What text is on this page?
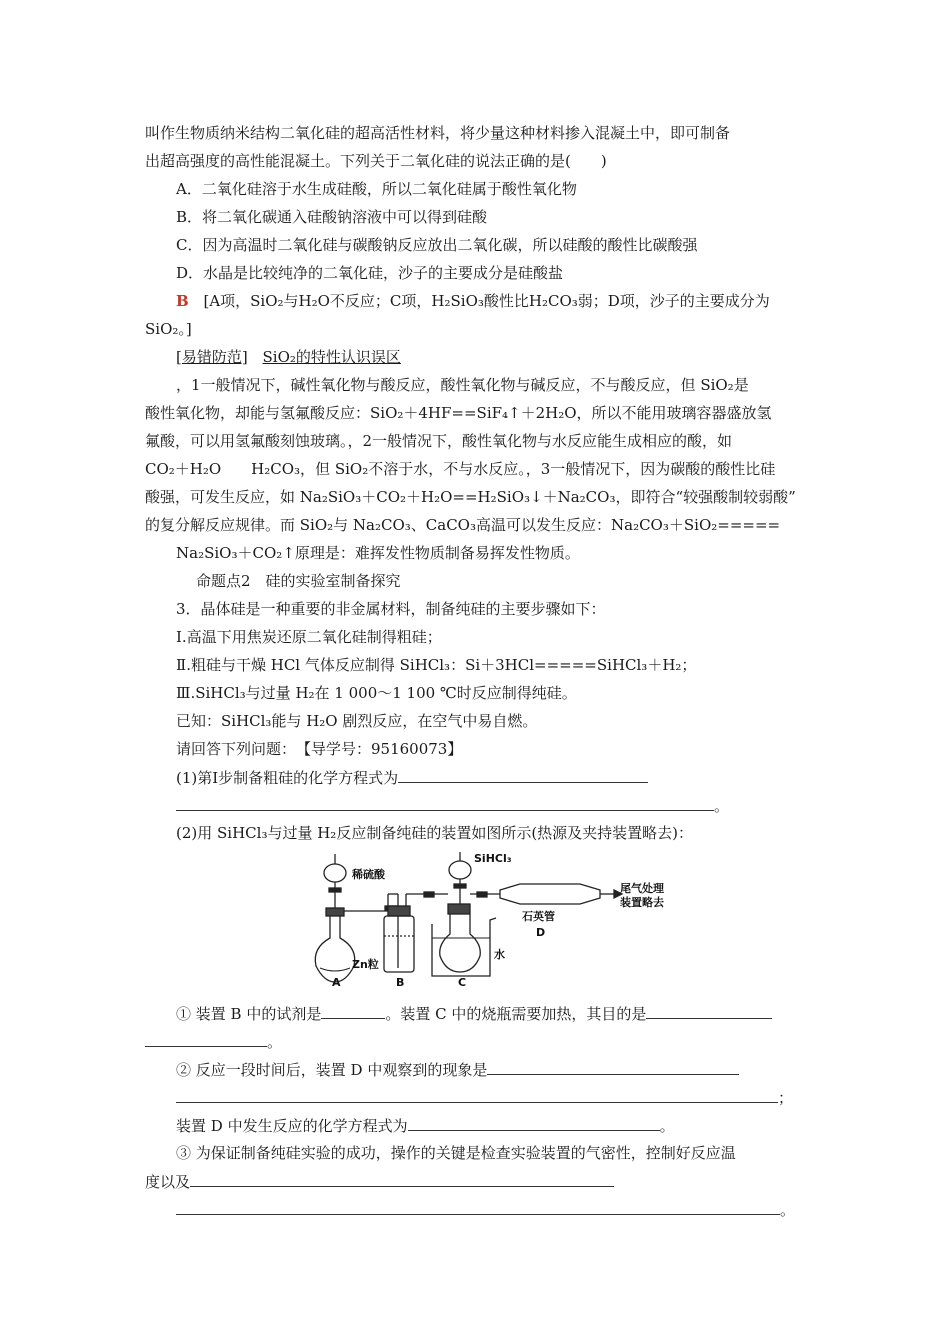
叫作生物质纳米结构二氧化硅的超高活性材料，将少量这种材料掺入混凝土中，即可制备
出超高强度的高性能混凝土。下列关于二氧化硅的说法正确的是(　　)
A．二氧化硅溶于水生成硅酸，所以二氧化硅属于酸性氧化物
B．将二氧化碳通入硅酸钠溶液中可以得到硅酸
C．因为高温时二氧化硅与碳酸钠反应放出二氧化碳，所以硅酸的酸性比碳酸强
D．水晶是比较纯净的二氧化硅，沙子的主要成分是硅酸盐
B [A项，SiO₂与H₂O不反应；C项，H₂SiO₃酸性比H₂CO₃弱；D项，沙子的主要成分为
SiO₂。]
[易错防范] SiO₂的特性认识误区
，1一般情况下，碱性氧化物与酸反应，酸性氧化物与碱反应，不与酸反应，但 SiO₂是
酸性氧化物，却能与氢氟酸反应：SiO₂＋4HF==SiF₄↑＋2H₂O，所以不能用玻璃容器盛放氢
氟酸，可以用氢氟酸刻蚀玻璃。，2一般情况下，酸性氧化物与水反应能生成相应的酸，如
CO₂＋H₂O　　H₂CO₃，但 SiO₂不溶于水，不与水反应。，3一般情况下，因为碳酸的酸性比硅
酸强，可发生反应，如 Na₂SiO₃＋CO₂＋H₂O==H₂SiO₃↓＋Na₂CO₃，即符合“较强酸制较弱酸”
的复分解反应规律。而 SiO₂与 Na₂CO₃、CaCO₃高温可以发生反应：Na₂CO₃＋SiO₂=====
Na₂SiO₃＋CO₂↑原理是：难挥发性物质制备易挥发性物质。
命题点2　硅的实验室制备探究
3．晶体硅是一种重要的非金属材料，制备纯硅的主要步骤如下：
Ⅰ.高温下用焦炭还原二氧化硅制得粗硅；
Ⅱ.粗硅与干燥 HCl 气体反应制得 SiHCl₃：Si＋3HCl=====SiHCl₃＋H₂；
Ⅲ.SiHCl₃与过量 H₂在 1 000～1 100 ℃时反应制得纯硅。
已知：SiHCl₃能与 H₂O 剧烈反应，在空气中易自燃。
请回答下列问题：　【导学号：95160073】
(1)第Ⅰ步制备粗硅的化学方程式为
。
(2)用 SiHCl₃与过量 H₂反应制备纯硅的装置如图所示(热源及夹持装置略去)：
稀硫酸
SiHCl₃
尾气处理
装置略去
石英管
D
Zn粒
水
A	B	C
① 装置 B 中的试剂是	。装置 C 中的烧瓶需要加热，其目的是
。
② 反应一段时间后，装置 D 中观察到的现象是
；
装置 D 中发生反应的化学方程式为	。
③ 为保证制备纯硅实验的成功，操作的关键是检查实验装置的气密性，控制好反应温
度以及
。
